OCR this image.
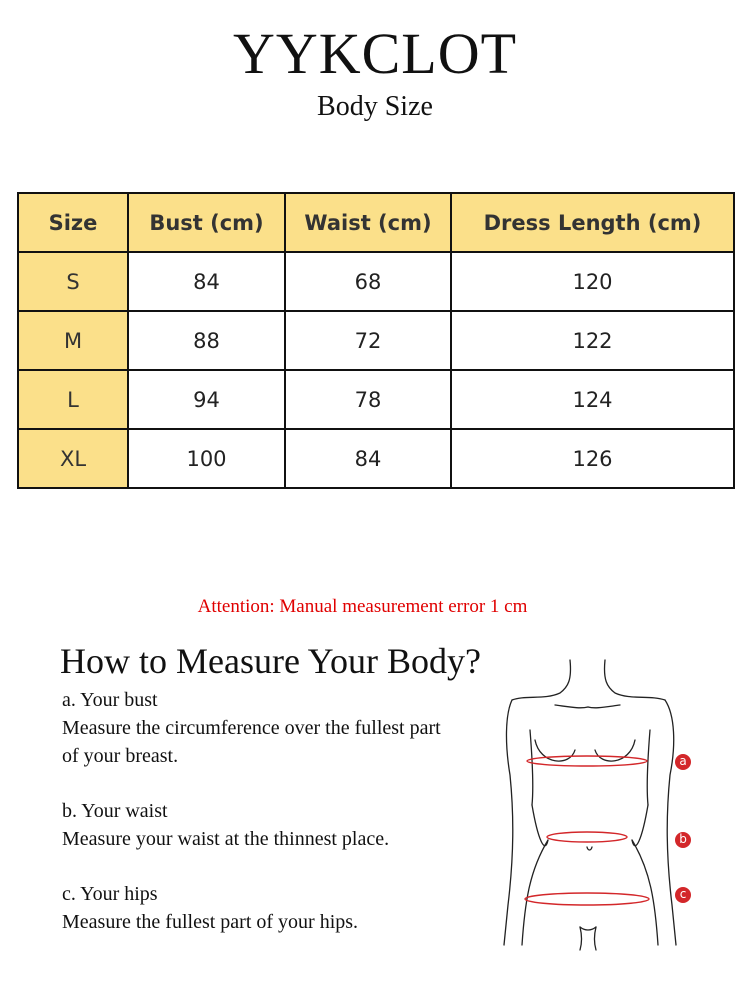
YYKCLOT
Body Size
Size	Bust (cm)	Waist (cm)	Dress Length (cm)
S	84	68	120
M	88	72	122
L	94	78	124
XL	100	84	126
Attention: Manual measurement error 1 cm
How to Measure Your Body?

a. Your bust

Measure the circumference over the fullest part

of your breast.

b. Your waist

Measure your waist at the thinnest place.

c. Your hips

Measure the fullest part of your hips.

a
b
c
